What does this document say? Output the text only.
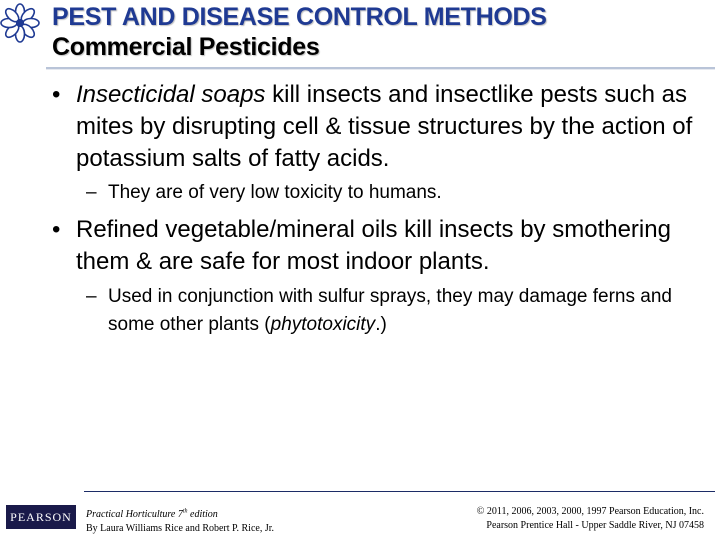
PEST AND DISEASE CONTROL METHODS
Commercial Pesticides
• Insecticidal soaps kill insects and insectlike pests such as mites by disrupting cell & tissue structures by the action of potassium salts of fatty acids.
– They are of very low toxicity to humans.
• Refined vegetable/mineral oils kill insects by smothering them & are safe for most indoor plants.
– Used in conjunction with sulfur sprays, they may damage ferns and some other plants (phytotoxicity.)
PEARSON	Practical Horticulture 7th edition
By Laura Williams Rice and Robert P. Rice, Jr.
© 2011, 2006, 2003, 2000, 1997 Pearson Education, Inc.
Pearson Prentice Hall - Upper Saddle River, NJ 07458
